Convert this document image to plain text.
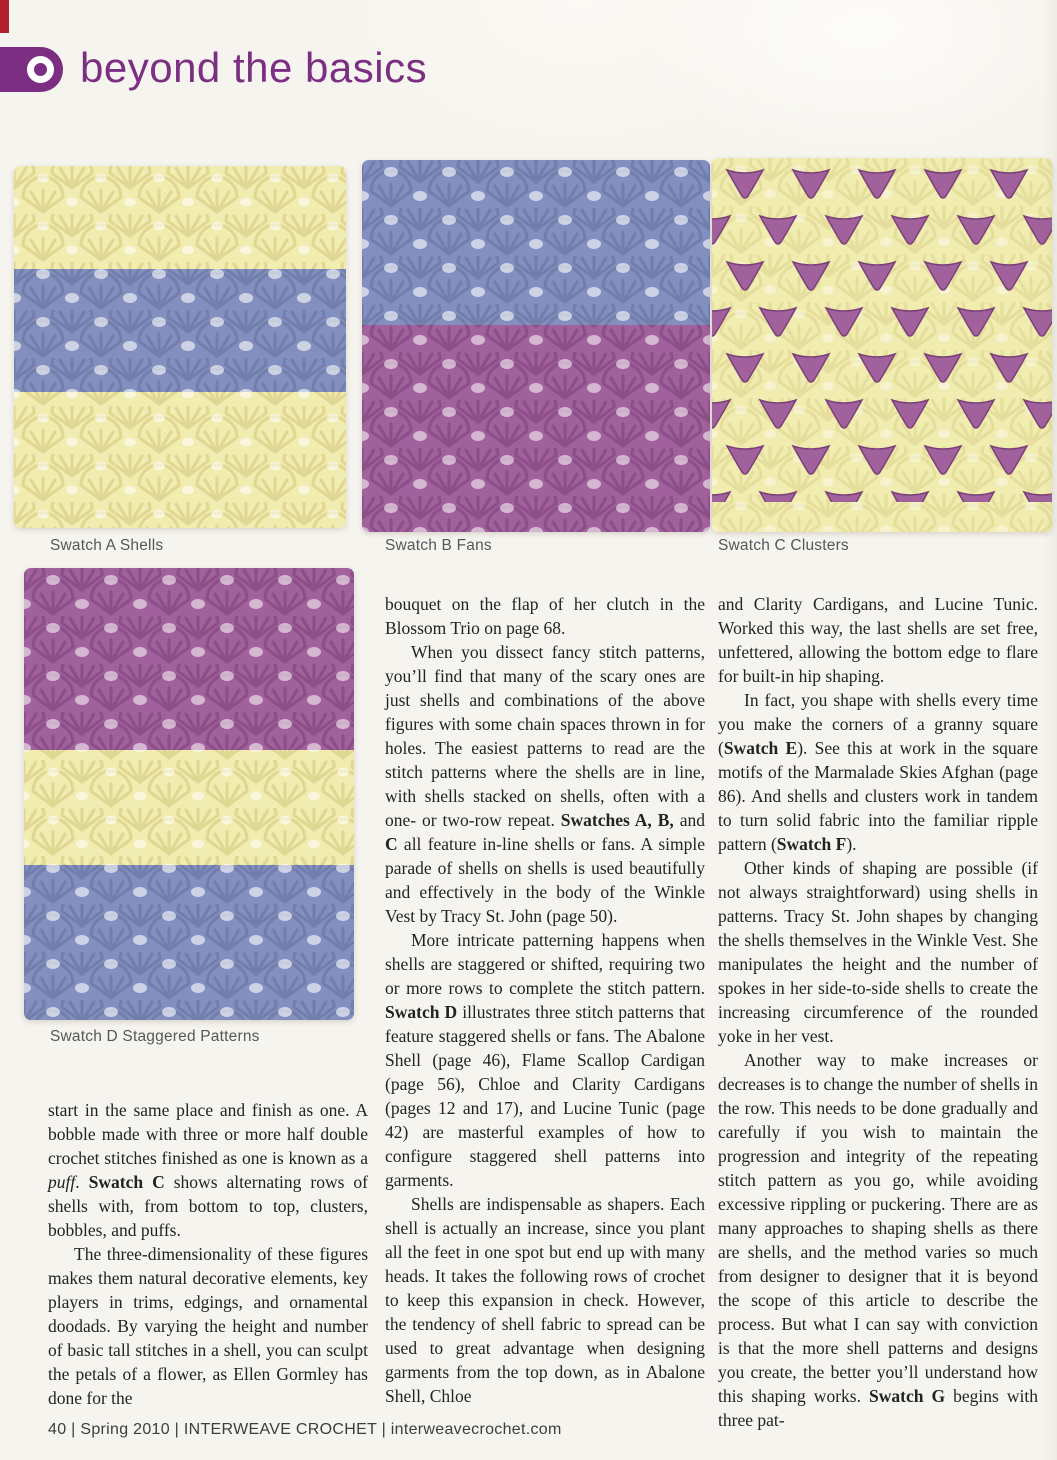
beyond the basics
Swatch A Shells	Swatch B Fans	Swatch C Clusters
Swatch D Staggered Patterns

start in the same place and finish as one. A bobble made with three or more half double crochet stitches finished as one is known as a puff. Swatch C shows alternating rows of shells with, from bottom to top, clusters, bobbles, and puffs.

The three-dimensionality of these figures makes them natural decorative elements, key players in trims, edgings, and ornamental doodads. By varying the height and number of basic tall stitches in a shell, you can sculpt the petals of a flower, as Ellen Gormley has done for the

bouquet on the flap of her clutch in the Blossom Trio on page 68.

When you dissect fancy stitch patterns, you’ll find that many of the scary ones are just shells and combinations of the above figures with some chain spaces thrown in for holes. The easiest patterns to read are the stitch patterns where the shells are in line, with shells stacked on shells, often with a one- or two-row repeat. Swatches A, B, and C all feature in-line shells or fans. A simple parade of shells on shells is used beautifully and effectively in the body of the Winkle Vest by Tracy St. John (page 50).

More intricate patterning happens when shells are staggered or shifted, requiring two or more rows to complete the stitch pattern. Swatch D illustrates three stitch patterns that feature staggered shells or fans. The Abalone Shell (page 46), Flame Scallop Cardigan (page 56), Chloe and Clarity Cardigans (pages 12 and 17), and Lucine Tunic (page 42) are masterful examples of how to configure staggered shell patterns into garments.

Shells are indispensable as shapers. Each shell is actually an increase, since you plant all the feet in one spot but end up with many heads. It takes the following rows of crochet to keep this expansion in check. However, the tendency of shell fabric to spread can be used to great advantage when designing garments from the top down, as in Abalone Shell, Chloe

and Clarity Cardigans, and Lucine Tunic. Worked this way, the last shells are set free, unfettered, allowing the bottom edge to flare for built-in hip shaping.

In fact, you shape with shells every time you make the corners of a granny square (Swatch E). See this at work in the square motifs of the Marmalade Skies Afghan (page 86). And shells and clusters work in tandem to turn solid fabric into the familiar ripple pattern (Swatch F).

Other kinds of shaping are possible (if not always straightforward) using shells in patterns. Tracy St. John shapes by changing the shells themselves in the Winkle Vest. She manipulates the height and the number of spokes in her side-to-side shells to create the increasing circumference of the rounded yoke in her vest.

Another way to make increases or decreases is to change the number of shells in the row. This needs to be done gradually and carefully if you wish to maintain the progression and integrity of the repeating stitch pattern as you go, while avoiding excessive rippling or puckering. There are as many approaches to shaping shells as there are shells, and the method varies so much from designer to designer that it is beyond the scope of this article to describe the process. But what I can say with conviction is that the more shell patterns and designs you create, the better you’ll understand how this shaping works. Swatch G begins with three pat-

40 | Spring 2010 | INTERWEAVE CROCHET | interweavecrochet.com
